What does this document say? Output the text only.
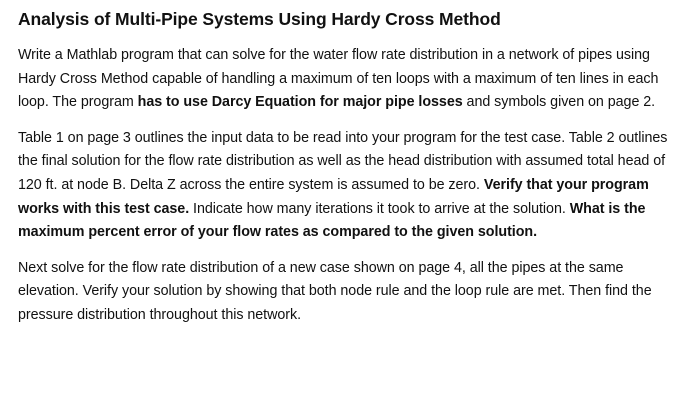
Analysis of Multi-Pipe Systems Using Hardy Cross Method

Write a Mathlab program that can solve for the water flow rate distribution in a network of pipes using Hardy Cross Method capable of handling a maximum of ten loops with a maximum of ten lines in each loop. The program has to use Darcy Equation for major pipe losses and symbols given on page 2.

Table 1 on page 3 outlines the input data to be read into your program for the test case. Table 2 outlines the final solution for the flow rate distribution as well as the head distribution with assumed total head of 120 ft. at node B. Delta Z across the entire system is assumed to be zero. Verify that your program works with this test case. Indicate how many iterations it took to arrive at the solution. What is the maximum percent error of your flow rates as compared to the given solution.

Next solve for the flow rate distribution of a new case shown on page 4, all the pipes at the same elevation. Verify your solution by showing that both node rule and the loop rule are met. Then find the pressure distribution throughout this network.
